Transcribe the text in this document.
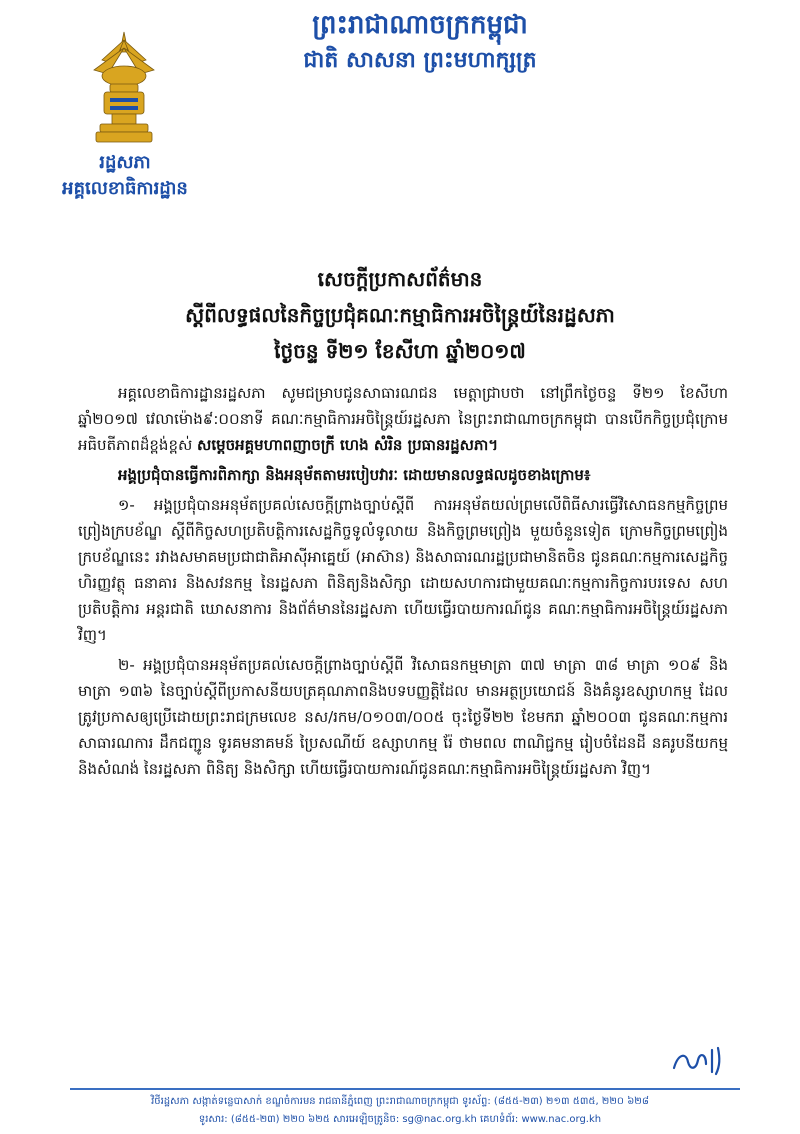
ព្រះរាជាណាចក្រកម្ពុជា
ជាតិ សាសនា ព្រះមហាក្សត្រ
រដ្ឋសភា
អគ្គលេខាធិការដ្ឋាន
សេចក្តីប្រកាសព័ត៌មាន
ស្តីពីលទ្ធផលនៃកិច្ចប្រជុំគណៈកម្មាធិការអចិន្ត្រៃយ៍នៃរដ្ឋសភា
ថ្ងៃចន្ទ ទី២១ ខែសីហា ឆ្នាំ២០១៧

អគ្គលេខាធិការដ្ឋានរដ្ឋសភា សូមជម្រាបជូនសាធារណជន មេត្តាជ្រាបថា នៅព្រឹកថ្ងៃចន្ទ ទី២១ ខែសីហា ឆ្នាំ២០១៧ វេលាម៉ោង៩:០០នាទី គណៈកម្មាធិការអចិន្ត្រៃយ៍រដ្ឋសភា នៃព្រះរាជាណាចក្រកម្ពុជា បានបើកកិច្ចប្រជុំក្រោមអធិបតីភាពដ៏ខ្ពង់ខ្ពស់ សម្តេចអគ្គមហាពញាចក្រី ហេង សំរិន ប្រធានរដ្ឋសភា។

អង្គប្រជុំបានធ្វើការពិភាក្សា និងអនុម័តតាមរបៀបវារៈ ដោយមានលទ្ធផលដូចខាងក្រោម៖

១- អង្គប្រជុំបានអនុម័តប្រគល់សេចក្តីព្រាងច្បាប់ស្តីពី ការអនុម័តយល់ព្រមលើពិធីសារធ្វើវិសោធនកម្មកិច្ចព្រមព្រៀងក្របខ័ណ្ឌ ស្តីពីកិច្ចសហប្រតិបត្តិការសេដ្ឋកិច្ចទូលំទូលាយ និងកិច្ចព្រមព្រៀង មួយចំនួនទៀត ក្រោមកិច្ចព្រមព្រៀងក្របខ័ណ្ឌនេះ រវាងសមាគមប្រជាជាតិអាស៊ីអាគ្នេយ៍ (អាស៊ាន) និងសាធារណរដ្ឋប្រជាមានិតចិន ជូនគណៈកម្មការសេដ្ឋកិច្ច ហិរញ្ញវត្ថុ ធនាគារ និងសវនកម្ម នៃរដ្ឋសភា ពិនិត្យនិងសិក្សា ដោយសហការជាមួយគណៈកម្មការកិច្ចការបរទេស សហប្រតិបត្តិការ អន្តរជាតិ ឃោសនាការ និងព័ត៌មាននៃរដ្ឋសភា ហើយធ្វើរបាយការណ៍ជូន គណៈកម្មាធិការអចិន្ត្រៃយ៍រដ្ឋសភា វិញ។

២- អង្គប្រជុំបានអនុម័តប្រគល់សេចក្តីព្រាងច្បាប់ស្តីពី វិសោធនកម្មមាត្រា ៣៧ មាត្រា ៣៨ មាត្រា ១០៩ និងមាត្រា ១៣៦ នៃច្បាប់ស្តីពីប្រកាសនីយបត្រគុណភាពនិងបទបញ្ញត្តិដែល មានអត្ថប្រយោជន៍ និងគំនូរឧស្សាហកម្ម ដែលត្រូវប្រកាសឲ្យប្រើដោយព្រះរាជក្រមលេខ នស/រកម/០១០៣/០០៥ ចុះថ្ងៃទី២២ ខែមករា ឆ្នាំ២០០៣ ជូនគណៈកម្មការសាធារណការ ដឹកជញ្ជូន ទូរគមនាគមន៍ ប្រៃសណីយ៍ ឧស្សាហកម្ម រ៉ែ ថាមពល ពាណិជ្ជកម្ម រៀបចំដែនដី នគរូបនីយកម្ម និងសំណង់ នៃរដ្ឋសភា ពិនិត្យ និងសិក្សា ហើយធ្វើរបាយការណ៍ជូនគណៈកម្មាធិការអចិន្ត្រៃយ៍រដ្ឋសភា វិញ។

វិថីរដ្ឋសភា សង្កាត់ទន្លេបាសាក់ ខណ្ឌចំការមន រាជធានីភ្នំពេញ ព្រះរាជាណាចក្រកម្ពុជា ទូរស័ព្ទ: (៨៥៥-២៣) ២១៣ ៥៣៥, ២២០ ៦២៨
ទូរសារ: (៨៥៥-២៣) ២២០ ៦២៥ សារអេឡិចត្រូនិច: sg@nac.org.kh គេហទំព័រ: www.nac.org.kh
